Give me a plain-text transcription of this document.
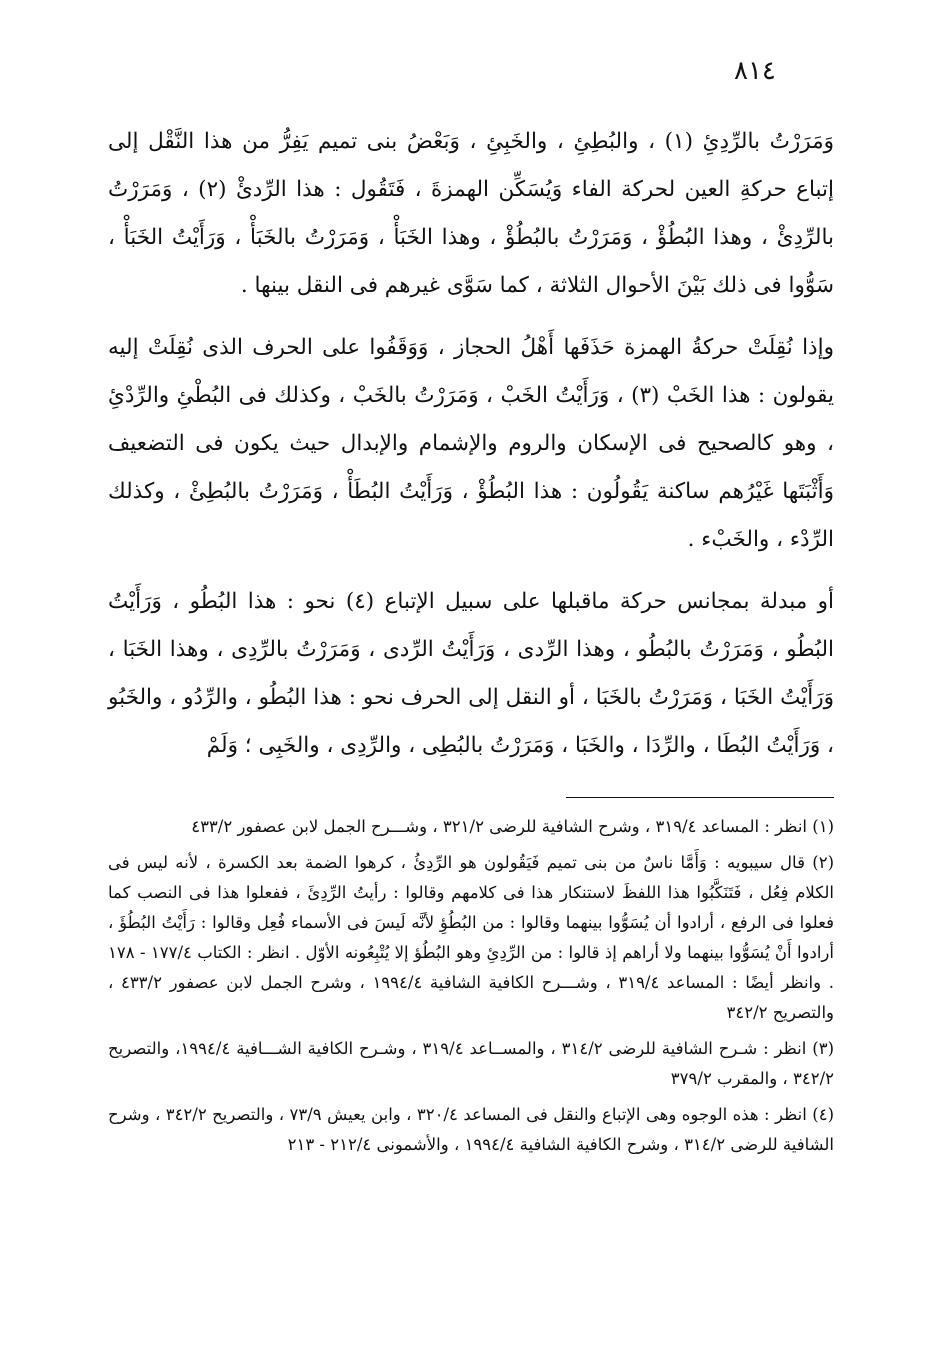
٨١٤

وَمَرَرْتُ بالرِّدِئِ (١) ، والبُطِئِ ، والخَبِئِ ، وَبَعْضُ بنى تميم يَفِرُّ من هذا النَّقْل إلى إتباع حركةِ العين لحركة الفاء وَيُسَكِّن الهمزةَ ، فَتَقُول : هذا الرِّدئْ (٢) ، وَمَرَرْتُ بالرِّدِئْ ، وهذا البُطُؤْ ، وَمَرَرْتُ بالبُطُؤْ ، وهذا الخَبَأْ ، وَمَرَرْتُ بالخَبَأْ ، وَرَأَيْتُ الخَبَأْ ، سَوُّوا فى ذلك بَيْنَ الأحوال الثلاثة ، كما سَوَّى غيرهم فى النقل بينها .

وإذا نُقِلَتْ حركةُ الهمزة حَذَفَها أَهْلُ الحجاز ، وَوَقَفُوا على الحرف الذى نُقِلَتْ إليه يقولون : هذا الخَبْ (٣) ، وَرَأَيْتُ الخَبْ ، وَمَرَرْتُ بالخَبْ ، وكذلك فى البُطْئِ والرِّدْئِ ، وهو كالصحيح فى الإسكان والروم والإشمام والإبدال حيث يكون فى التضعيف وَأَثْبَتَها غَيْرُهم ساكنة يَقُولُون : هذا البُطُؤْ ، وَرَأَيْتُ البُطَأْ ، وَمَرَرْتُ بالبُطِئْ ، وكذلك الرِّدْء ، والخَبْء .

أو مبدلة بمجانس حركة ماقبلها على سبيل الإتباع (٤) نحو : هذا البُطُو ، وَرَأَيْتُ البُطُو ، وَمَرَرْتُ بالبُطُو ، وهذا الرِّدى ، وَرَأَيْتُ الرِّدى ، وَمَرَرْتُ بالرِّدِى ، وهذا الخَبَا ، وَرَأَيْتُ الخَبَا ، وَمَرَرْتُ بالخَبَا ، أو النقل إلى الحرف نحو : هذا البُطُو ، والرِّدُو ، والخَبُو ، وَرَأَيْتُ البُطَا ، والرِّدَا ، والخَبَا ، وَمَرَرْتُ بالبُطِى ، والرِّدِى ، والخَبِى ؛ وَلَمْ

(١) انظر : المساعد ٣١٩/٤ ، وشرح الشافية للرضى ٣٢١/٢ ، وشـــرح الجمل لابن عصفور ٤٣٣/٢

(٢) قال سيبويه : وَأَمَّا ناسٌ من بنى تميم فَيَقُولون هو الرِّدِئُ ، كرهوا الضمة بعد الكسرة ، لأنه ليس فى الكلام فِعُل ، فَتَنَكَّبُوا هذا اللفظَ لاستنكار هذا فى كلامهم وقالوا : رأيتُ الرِّدِئَ ، ففعلوا هذا فى النصب كما فعلوا فى الرفع ، أرادوا أن يُسَوُّوا بينهما وقالوا : من البُطُؤِ لأنَّه لَيسَ فى الأسماء فُعِل وقالوا : رَأَيْتُ البُطُؤَ ، أرادوا أَنْ يُسَوُّوا بينهما ولا أراهم إذ قالوا : من الرِّدِئِ وهو البُطُؤ إلا يُتْبِعُونه الأوّل . انظر : الكتاب ١٧٧/٤ - ١٧٨ . وانظر أيضًا : المساعد ٣١٩/٤ ، وشـــرح الكافية الشافية ١٩٩٤/٤ ، وشرح الجمل لابن عصفور ٤٣٣/٢ ، والتصريح ٣٤٢/٢

(٣) انظر : شـرح الشافية للرضى ٣١٤/٢ ، والمســاعد ٣١٩/٤ ، وشـرح الكافية الشـــافية ١٩٩٤/٤، والتصريح ٣٤٢/٢ ، والمقرب ٣٧٩/٢

(٤) انظر : هذه الوجوه وهى الإتباع والنقل فى المساعد ٣٢٠/٤ ، وابن يعيش ٧٣/٩ ، والتصريح ٣٤٢/٢ ، وشرح الشافية للرضى ٣١٤/٢ ، وشرح الكافية الشافية ١٩٩٤/٤ ، والأشمونى ٢١٢/٤ - ٢١٣
